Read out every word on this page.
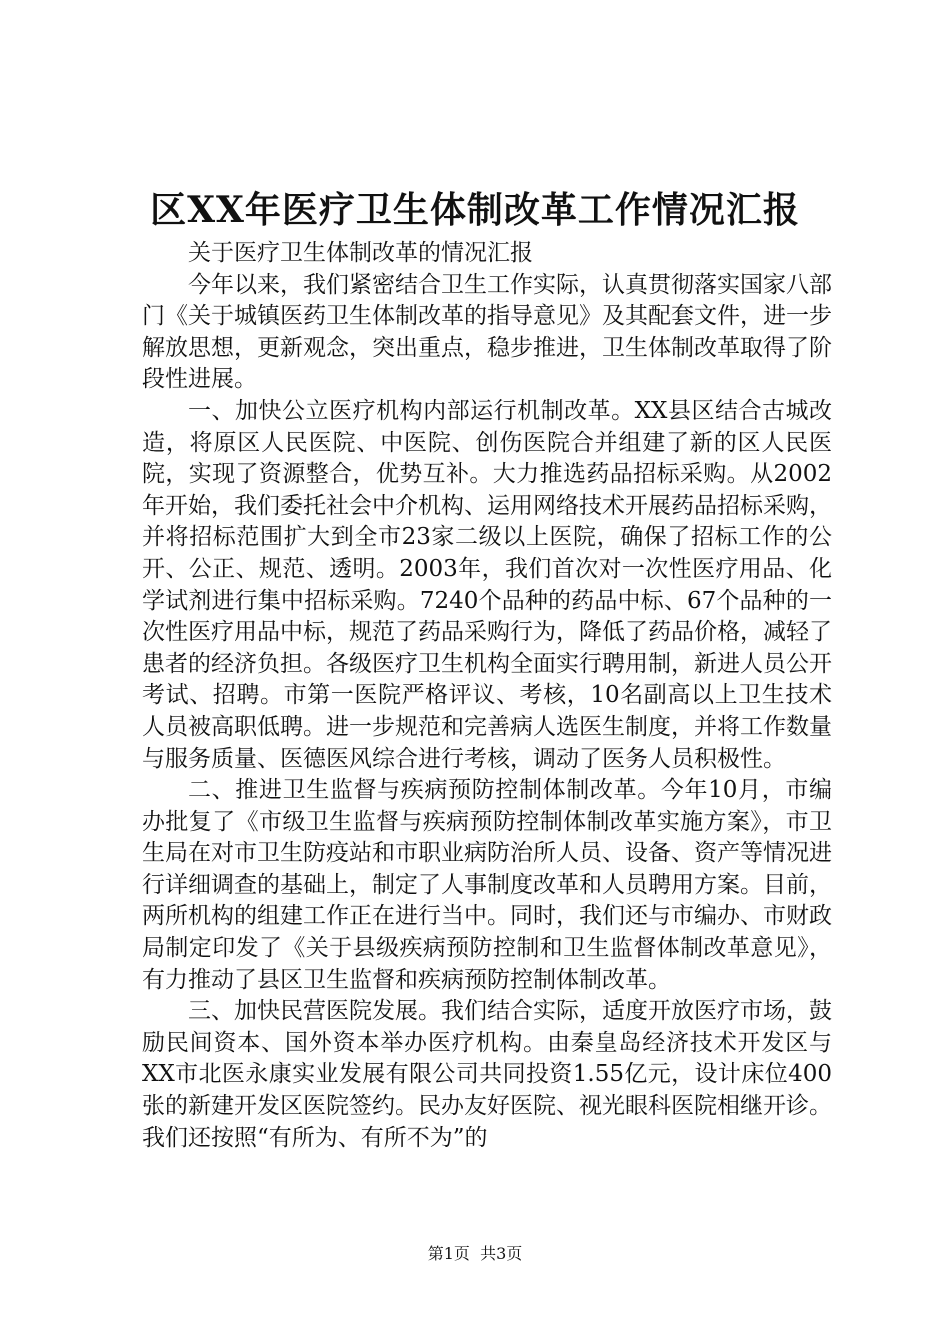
区XX年医疗卫生体制改革工作情况汇报

关于医疗卫生体制改革的情况汇报

今年以来，我们紧密结合卫生工作实际，认真贯彻落实国家八部门《关于城镇医药卫生体制改革的指导意见》及其配套文件，进一步解放思想，更新观念，突出重点，稳步推进，卫生体制改革取得了阶段性进展。

一、加快公立医疗机构内部运行机制改革。XX县区结合古城改造，将原区人民医院、中医院、创伤医院合并组建了新的区人民医院，实现了资源整合，优势互补。大力推选药品招标采购。从2002年开始，我们委托社会中介机构、运用网络技术开展药品招标采购，并将招标范围扩大到全市23家二级以上医院，确保了招标工作的公开、公正、规范、透明。2003年，我们首次对一次性医疗用品、化学试剂进行集中招标采购。7240个品种的药品中标、67个品种的一次性医疗用品中标，规范了药品采购行为，降低了药品价格，减轻了患者的经济负担。各级医疗卫生机构全面实行聘用制，新进人员公开考试、招聘。市第一医院严格评议、考核，10名副高以上卫生技术人员被高职低聘。进一步规范和完善病人选医生制度，并将工作数量与服务质量、医德医风综合进行考核，调动了医务人员积极性。

二、推进卫生监督与疾病预防控制体制改革。今年10月，市编办批复了《市级卫生监督与疾病预防控制体制改革实施方案》，市卫生局在对市卫生防疫站和市职业病防治所人员、设备、资产等情况进行详细调查的基础上，制定了人事制度改革和人员聘用方案。目前，两所机构的组建工作正在进行当中。同时，我们还与市编办、市财政局制定印发了《关于县级疾病预防控制和卫生监督体制改革意见》，有力推动了县区卫生监督和疾病预防控制体制改革。

三、加快民营医院发展。我们结合实际，适度开放医疗市场，鼓励民间资本、国外资本举办医疗机构。由秦皇岛经济技术开发区与XX市北医永康实业发展有限公司共同投资1.55亿元，设计床位400张的新建开发区医院签约。民办友好医院、视光眼科医院相继开诊。我们还按照“有所为、有所不为”的

第1页 共3页
